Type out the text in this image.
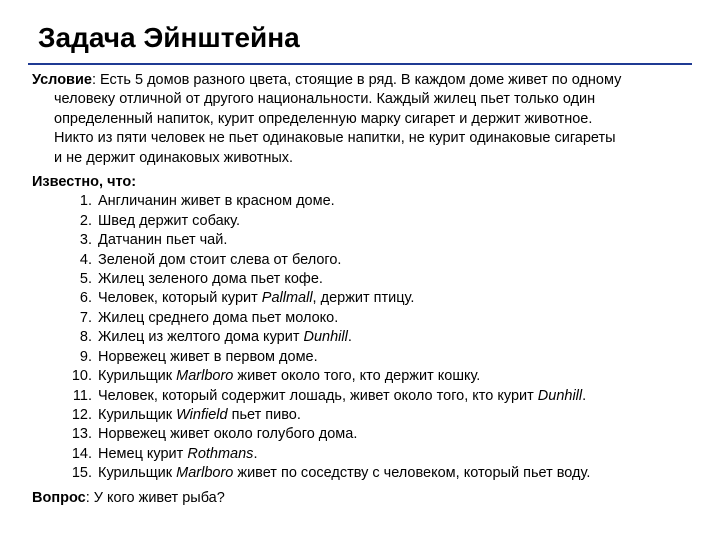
Задача Эйнштейна
Условие: Есть 5 домов разного цвета, стоящие в ряд. В каждом доме живет по одному
человеку отличной от другого национальности. Каждый жилец пьет только один
определенный напиток, курит определенную марку сигарет и держит животное.
Никто из пяти человек не пьет одинаковые напитки, не курит одинаковые сигареты
и не держит одинаковых животных.
Известно, что:
1. Англичанин живет в красном доме.
2. Швед держит собаку.
3. Датчанин пьет чай.
4. Зеленой дом стоит слева от белого.
5. Жилец зеленого дома пьет кофе.
6. Человек, который курит Pallmall, держит птицу.
7. Жилец среднего дома пьет молоко.
8. Жилец из желтого дома курит Dunhill.
9. Норвежец живет в первом доме.
10. Курильщик Marlboro живет около того, кто держит кошку.
11. Человек, который содержит лошадь, живет около того, кто курит Dunhill.
12. Курильщик Winfield пьет пиво.
13. Норвежец живет около голубого дома.
14. Немец курит Rothmans.
15. Курильщик Marlboro живет по соседству с человеком, который пьет воду.
Вопрос: У кого живет рыба?
